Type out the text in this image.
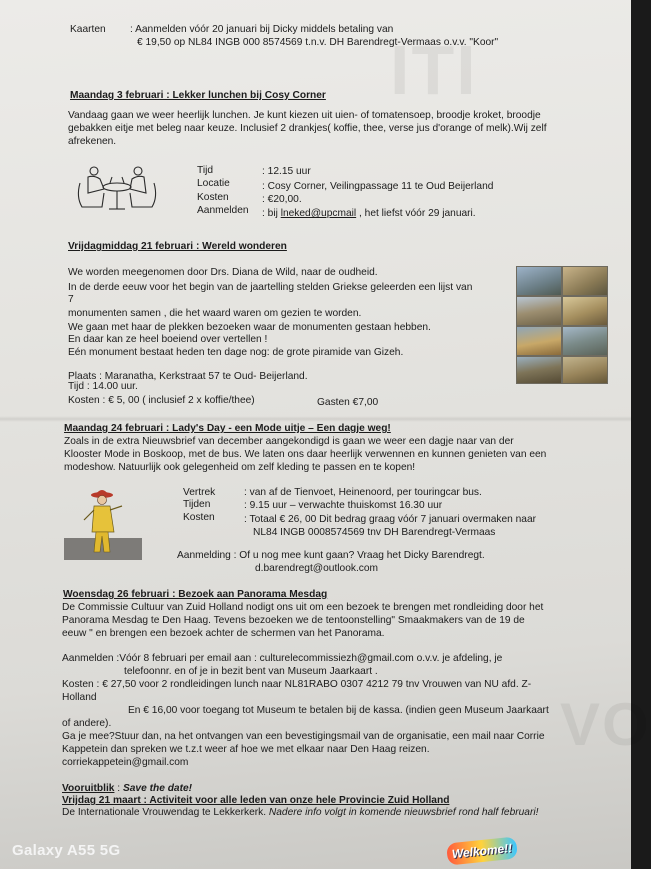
ITI
VO
Kaarten : Aanmelden vóór 20 januari bij Dicky middels betaling van
€ 19,50 op NL84 INGB 000 8574569 t.n.v. DH Barendregt-Vermaas o.v.v. "Koor"
Maandag 3 februari : Lekker lunchen bij Cosy Corner
Vandaag gaan we weer heerlijk lunchen. Je kunt kiezen uit uien- of tomatensoep, broodje kroket, broodje
gebakken eitje met beleg naar keuze. Inclusief 2 drankjes( koffie, thee, verse jus d'orange of melk).Wij zelf
afrekenen.
Tijd	: 12.15 uur
Locatie	: Cosy Corner, Veilingpassage 11 te Oud Beijerland
Kosten	: €20,00.
Aanmelden : bij lneked@upcmail , het liefst vóór 29 januari.
Vrijdagmiddag 21 februari : Wereld wonderen
We worden meegenomen door Drs. Diana de Wild, naar de oudheid.
In de derde eeuw voor het begin van de jaartelling stelden Griekse geleerden een lijst van
7
monumenten samen , die het waard waren om gezien te worden.
We gaan met haar de plekken bezoeken waar de monumenten gestaan hebben.
En daar kan ze heel boeiend over vertellen !
Eén monument bestaat heden ten dage nog: de grote piramide van Gizeh.
Plaats : Maranatha, Kerkstraat 57 te Oud- Beijerland.
Tijd : 14.00 uur.
Kosten : € 5, 00 ( inclusief 2 x koffie/thee)	Gasten €7,00
Maandag 24 februari : Lady's Day - een Mode uitje – Een dagje weg!
Zoals in de extra Nieuwsbrief van december aangekondigd is gaan we weer een dagje naar van der
Klooster Mode in Boskoop, met de bus. We laten ons daar heerlijk verwennen en kunnen genieten van een
modeshow. Natuurlijk ook gelegenheid om zelf kleding te passen en te kopen!
Vertrek	: van af de Tienvoet, Heinenoord, per touringcar bus.
Tijden	: 9.15 uur – verwachte thuiskomst 16.30 uur
Kosten	: Totaal € 26, 00 Dit bedrag graag vóór 7 januari overmaken naar
NL84 INGB 0008574569 tnv DH Barendregt-Vermaas
Aanmelding : Of u nog mee kunt gaan? Vraag het Dicky Barendregt.
d.barendregt@outlook.com
Woensdag 26 februari : Bezoek aan Panorama Mesdag
De Commissie Cultuur van Zuid Holland nodigt ons uit om een bezoek te brengen met rondleiding door het
Panorama Mesdag te Den Haag. Tevens bezoeken we de tentoonstelling" Smaakmakers van de 19 de
eeuw " en brengen een bezoek achter de schermen van het Panorama.
Aanmelden :Vóór 8 februari per email aan : culturelecommissiezh@gmail.com o.v.v. je afdeling, je
telefoonnr. en of je in bezit bent van Museum Jaarkaart .
Kosten : € 27,50 voor 2 rondleidingen lunch naar NL81RABO 0307 4212 79 tnv Vrouwen van NU afd. Z-
Holland
En € 16,00 voor toegang tot Museum te betalen bij de kassa. (indien geen Museum Jaarkaart
of andere).
Ga je mee?Stuur dan, na het ontvangen van een bevestigingsmail van de organisatie, een mail naar Corrie
Kappetein dan spreken we t.z.t weer af hoe we met elkaar naar Den Haag reizen.
corriekappetein@gmail.com
Vooruitblik : Save the date!
Vrijdag 21 maart : Activiteit voor alle leden van onze hele Provincie Zuid Holland
De Internationale Vrouwendag te Lekkerkerk. Nadere info volgt in komende nieuwsbrief rond half februari!
Welkome!!
Galaxy A55 5G
